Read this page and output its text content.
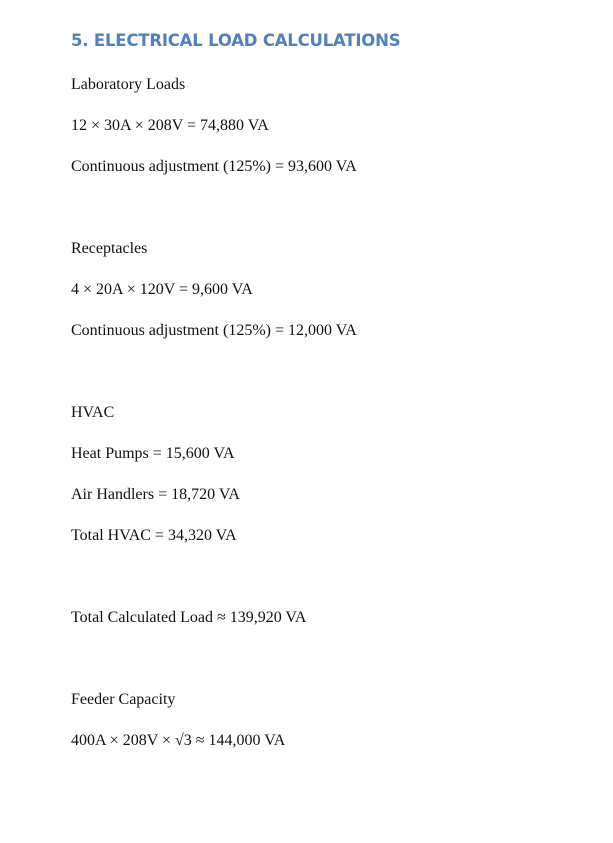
5. ELECTRICAL LOAD CALCULATIONS

Laboratory Loads

12 × 30A × 208V = 74,880 VA

Continuous adjustment (125%) = 93,600 VA

Receptacles

4 × 20A × 120V = 9,600 VA

Continuous adjustment (125%) = 12,000 VA

HVAC

Heat Pumps = 15,600 VA

Air Handlers = 18,720 VA

Total HVAC = 34,320 VA

Total Calculated Load ≈ 139,920 VA

Feeder Capacity

400A × 208V × √3 ≈ 144,000 VA
